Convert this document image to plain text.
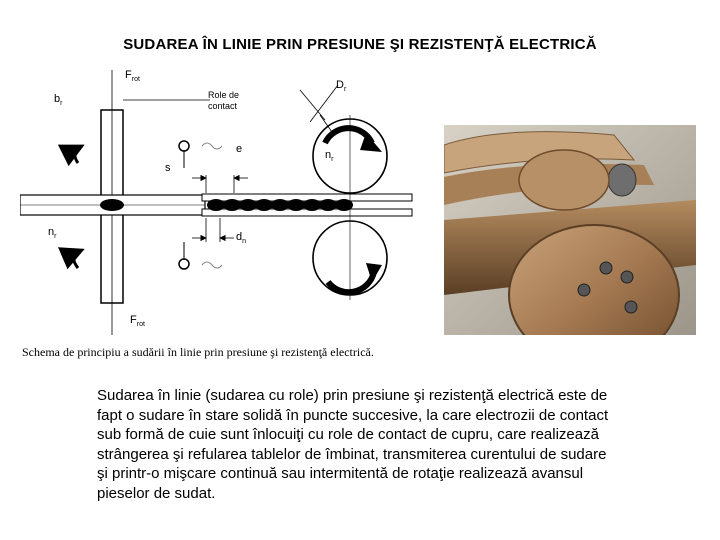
SUDAREA ÎN LINIE PRIN PRESIUNE ŞI REZISTENŢĂ ELECTRICĂ
$F_{rot}$
$b_r$
Role de
contact
$D_r$
e	$n_r$
s
$n_r$	$d_n$
$F_{rot}$
Schema de principiu a sudării în linie prin presiune şi rezistenţă electrică.
Sudarea în linie (sudarea cu role) prin presiune şi rezistenţă electrică este de fapt o sudare în stare solidă în puncte succesive, la care electrozii de contact sub formă de cuie sunt înlocuiţi cu role de contact de cupru, care realizează strângerea şi refularea tablelor de îmbinat, transmiterea curentului de sudare şi printr-o mişcare continuă sau intermitentă de rotaţie realizează avansul pieselor de sudat.
